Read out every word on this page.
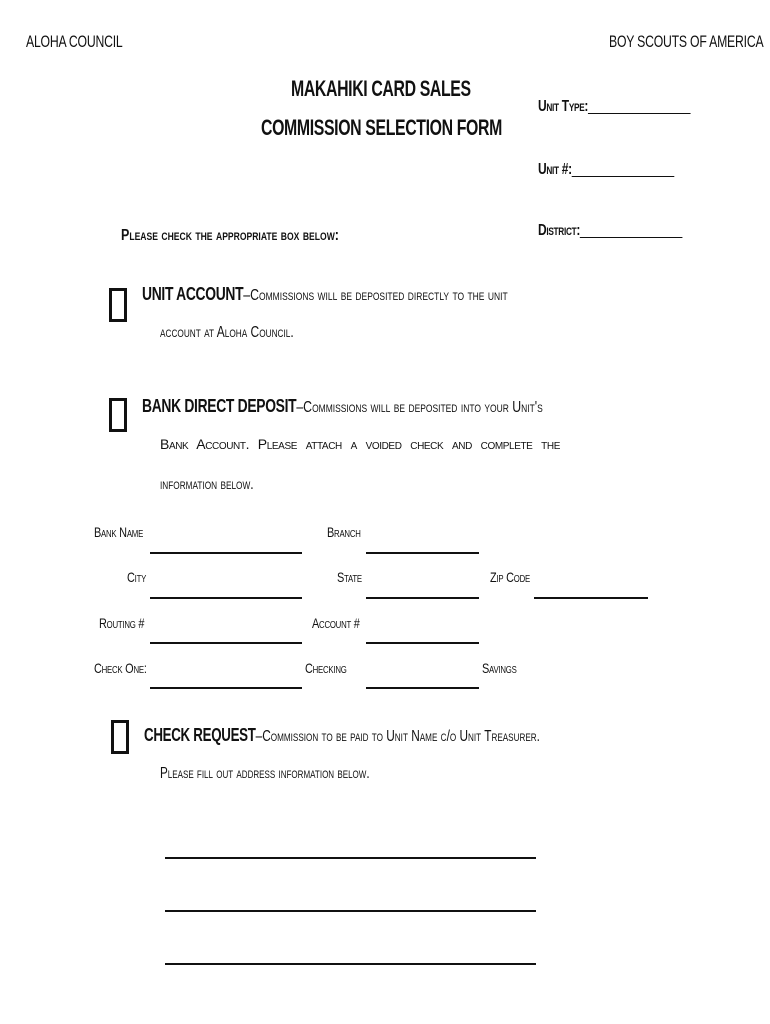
ALOHA COUNCIL	BOY SCOUTS OF AMERICA
MAKAHIKI CARD SALES
COMMISSION SELECTION FORM
Unit Type:________________
Unit #:________________
District:________________
Please check the appropriate box below:
UNIT ACCOUNT–Commissions will be deposited directly to the unit
account at Aloha Council.
BANK DIRECT DEPOSIT–Commissions will be deposited into your Unit's
Bank Account. Please attach a voided check and complete the
information below.
Bank Name	Branch
City	State	Zip Code
Routing #	Account #
Check One:	Checking	Savings
CHECK REQUEST–Commission to be paid to Unit Name c/o Unit Treasurer.
Please fill out address information below.
